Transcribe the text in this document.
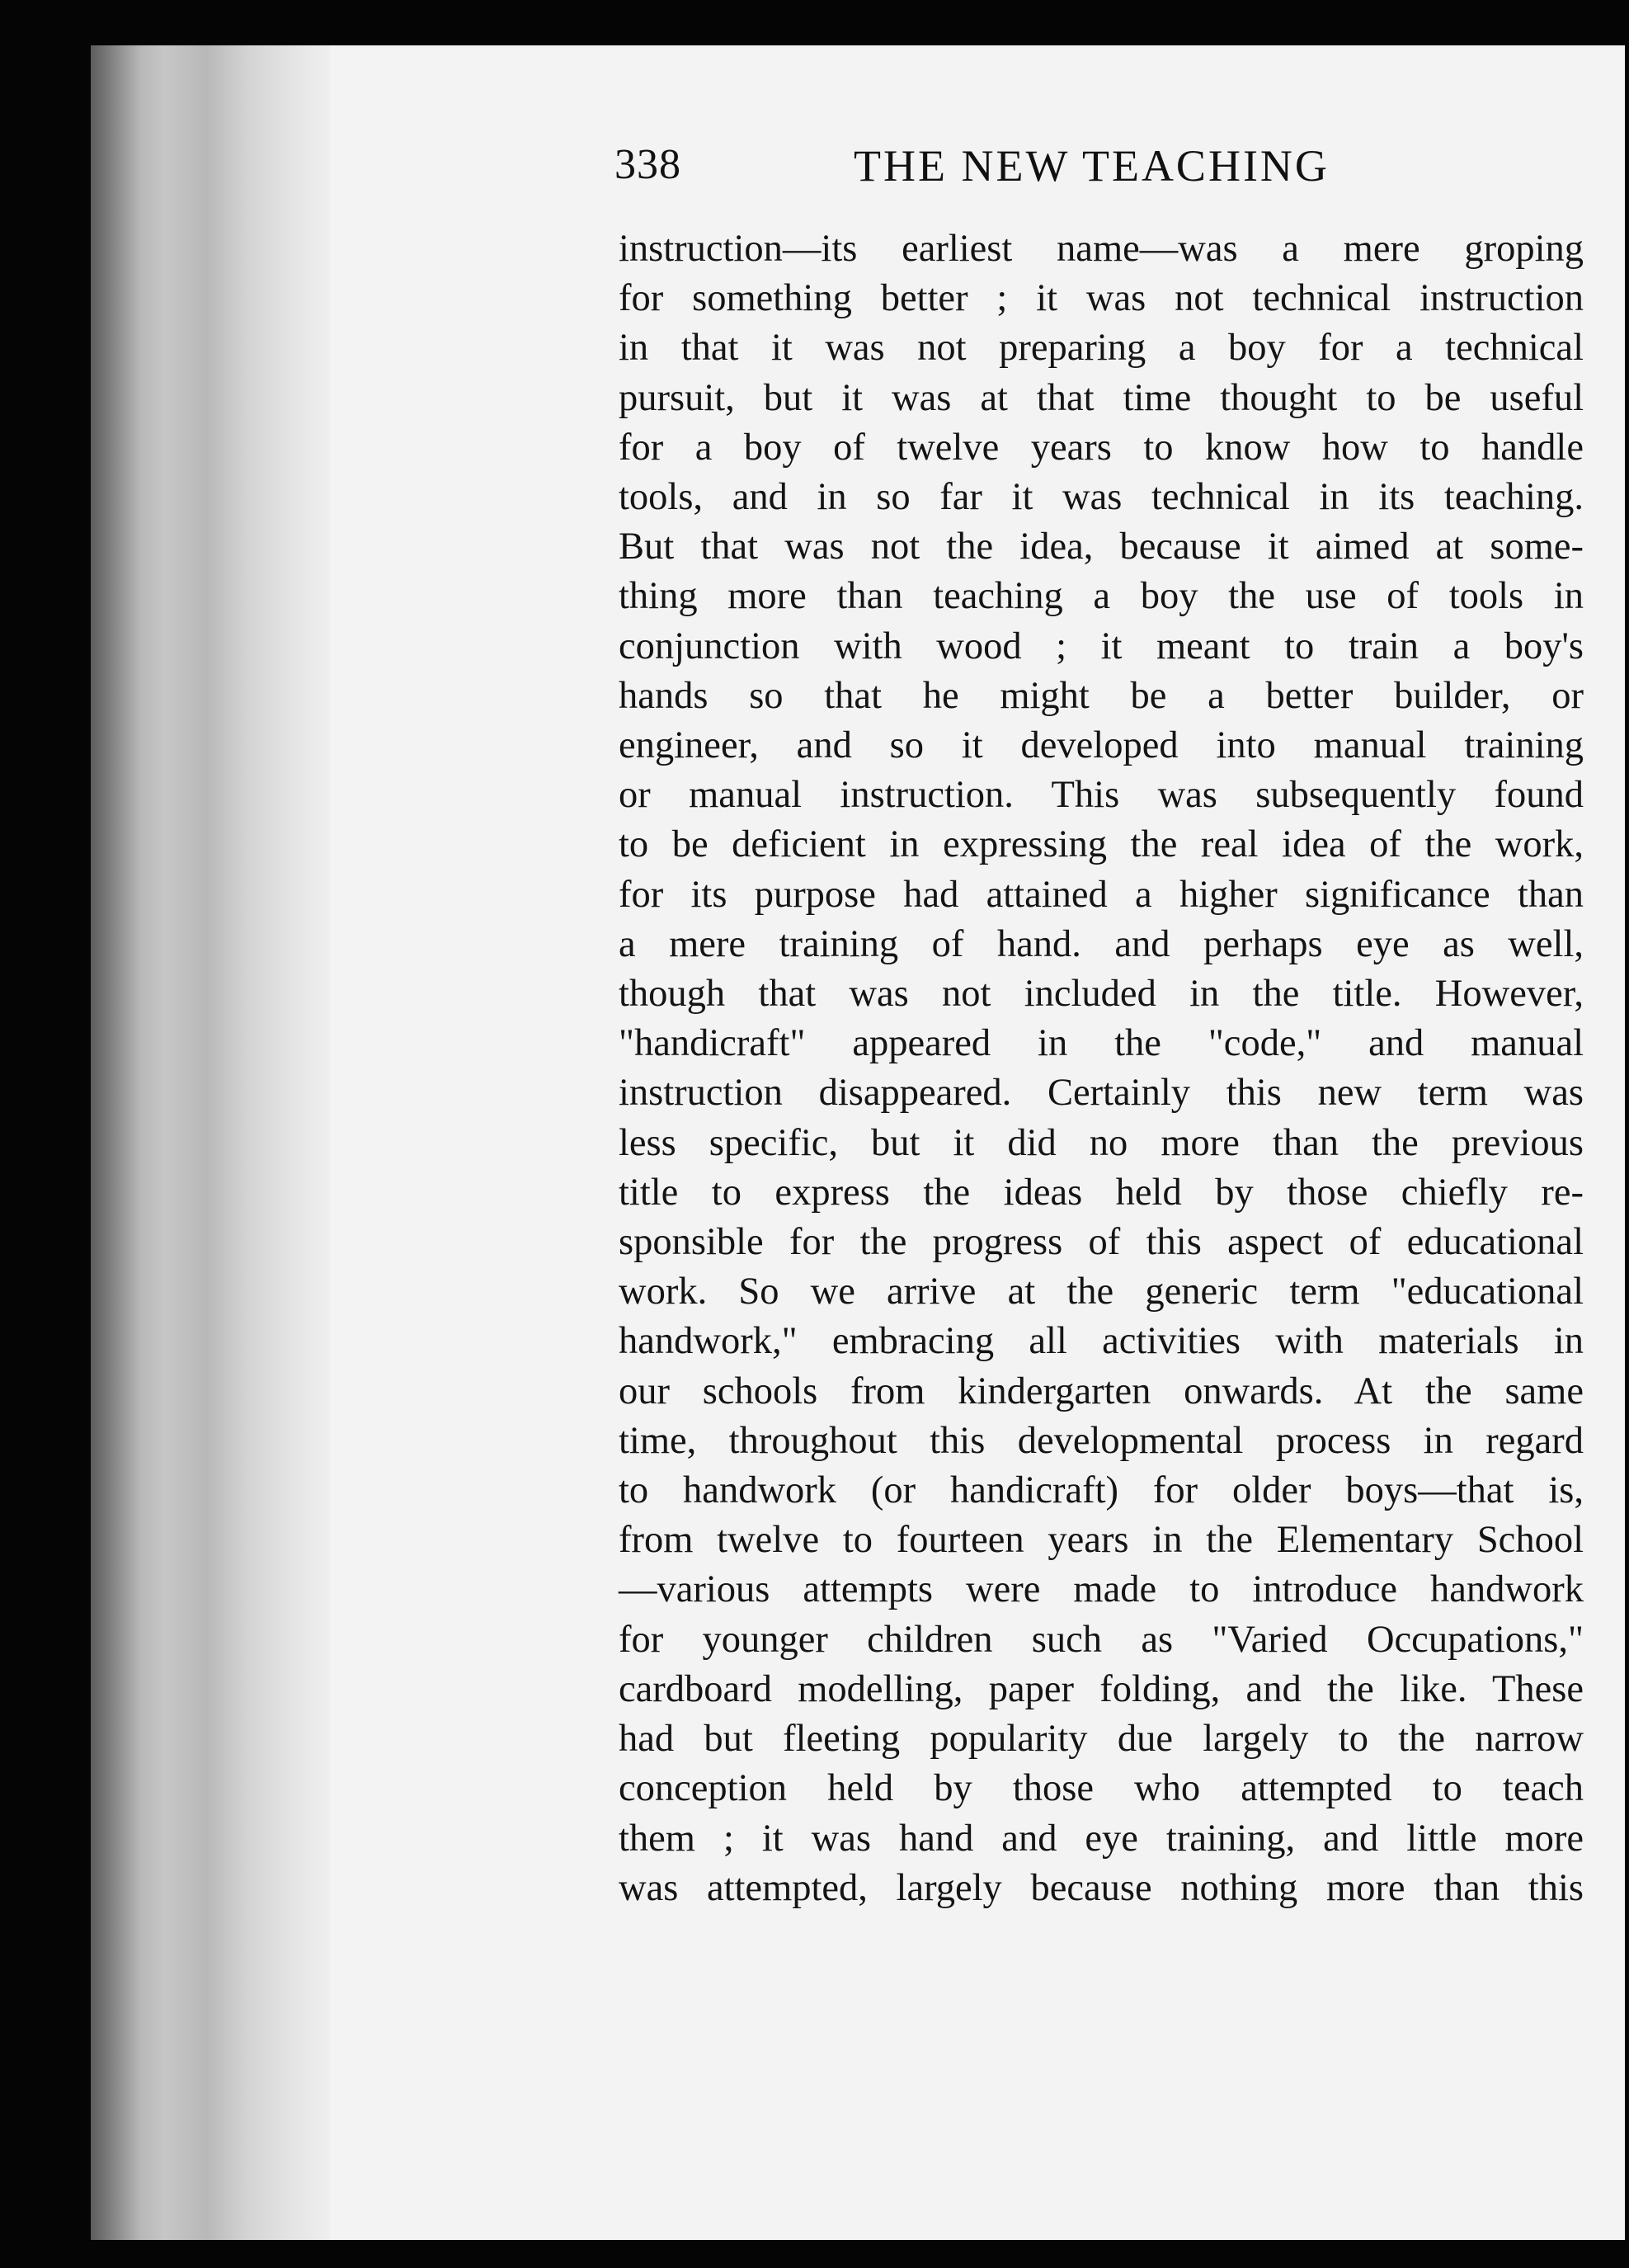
338	THE NEW TEACHING
instruction—its earliest name—was a mere groping
for something better ; it was not technical instruction
in that it was not preparing a boy for a technical
pursuit, but it was at that time thought to be useful
for a boy of twelve years to know how to handle
tools, and in so far it was technical in its teaching.
But that was not the idea, because it aimed at some-
thing more than teaching a boy the use of tools in
conjunction with wood ; it meant to train a boy's
hands so that he might be a better builder, or
engineer, and so it developed into manual training
or manual instruction. This was subsequently found
to be deficient in expressing the real idea of the work,
for its purpose had attained a higher significance than
a mere training of hand. and perhaps eye as well,
though that was not included in the title. However,
"handicraft" appeared in the "code," and manual
instruction disappeared. Certainly this new term was
less specific, but it did no more than the previous
title to express the ideas held by those chiefly re-
sponsible for the progress of this aspect of educational
work. So we arrive at the generic term "educational
handwork," embracing all activities with materials in
our schools from kindergarten onwards. At the same
time, throughout this developmental process in regard
to handwork (or handicraft) for older boys—that is,
from twelve to fourteen years in the Elementary School
—various attempts were made to introduce handwork
for younger children such as "Varied Occupations,"
cardboard modelling, paper folding, and the like. These
had but fleeting popularity due largely to the narrow
conception held by those who attempted to teach
them ; it was hand and eye training, and little more
was attempted, largely because nothing more than this
